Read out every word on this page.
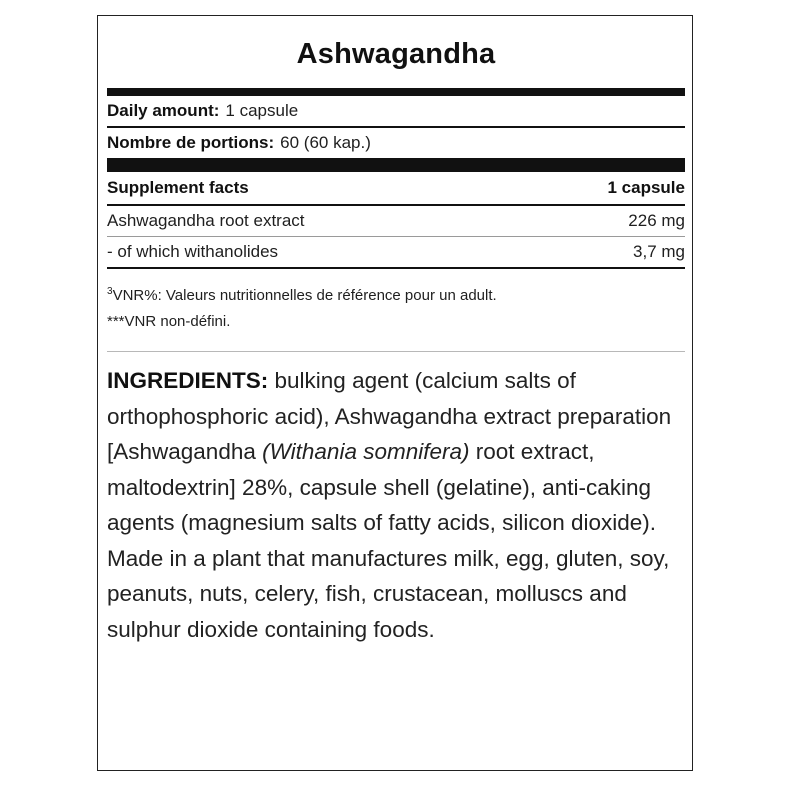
Ashwagandha
Daily amount: 1 capsule
Nombre de portions: 60 (60 kap.)
Supplement facts	1 capsule
Ashwagandha root extract	226 mg
- of which withanolides	3,7 mg
$^3$VNR%: Valeurs nutritionnelles de référence pour un adult.
***VNR non-défini.
INGREDIENTS: bulking agent (calcium salts of orthophosphoric acid), Ashwagandha extract preparation [Ashwagandha (Withania somnifera) root extract, maltodextrin] 28%, capsule shell (gelatine), anti-caking agents (magnesium salts of fatty acids, silicon dioxide). Made in a plant that manufactures milk, egg, gluten, soy, peanuts, nuts, celery, fish, crustacean, molluscs and sulphur dioxide containing foods.
